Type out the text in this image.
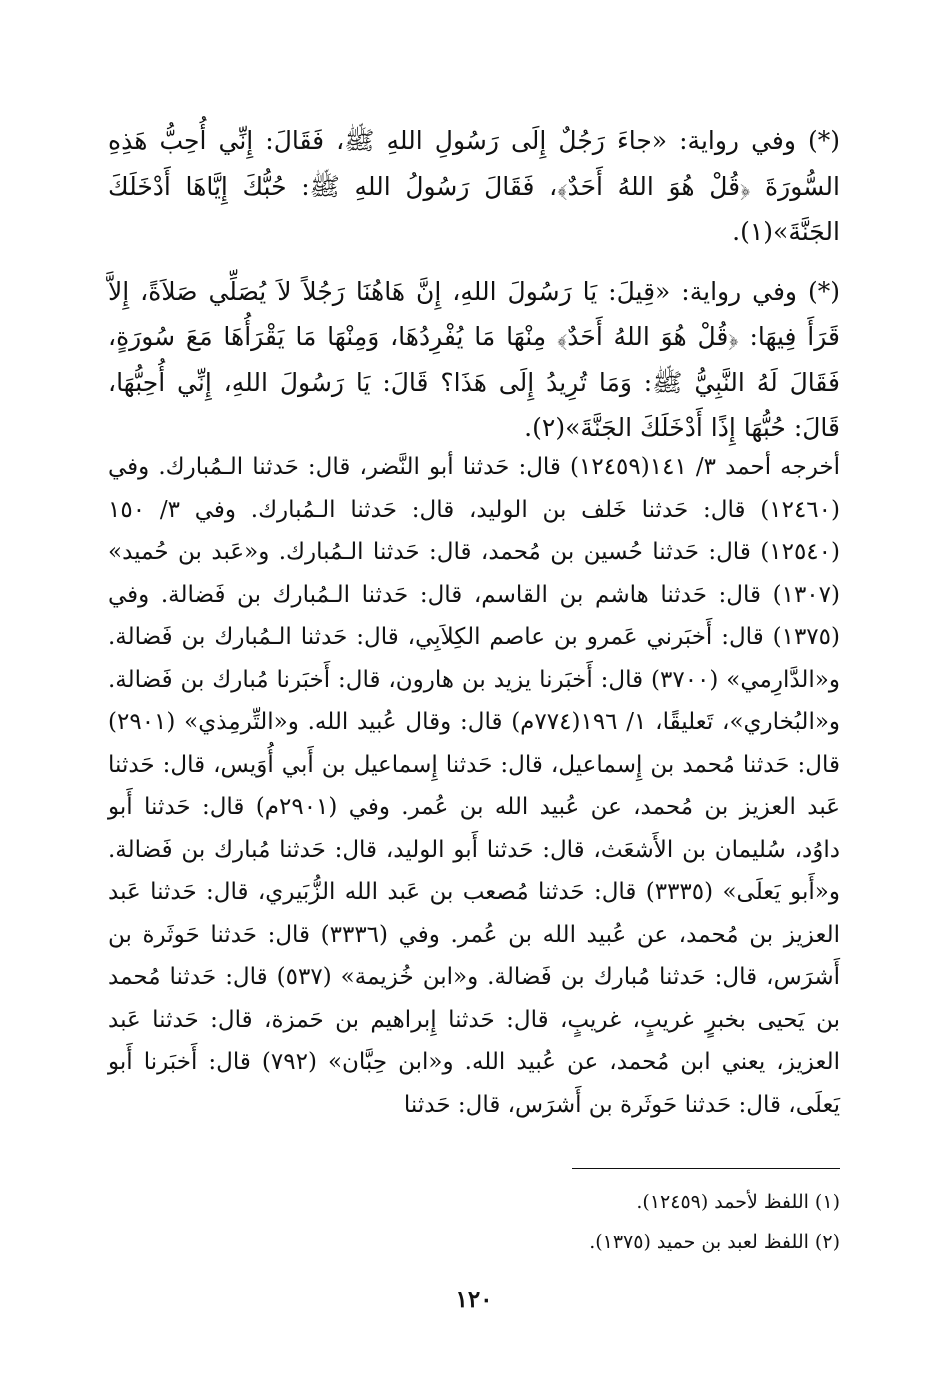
(*) وفي رواية: «جاءَ رَجُلٌ إِلَى رَسُولِ اللهِ ﷺ، فَقَالَ: إِنِّي أُحِبُّ هَذِهِ السُّورَةَ ﴿قُلْ هُوَ اللهُ أَحَدٌ﴾، فَقَالَ رَسُولُ اللهِ ﷺ: حُبُّكَ إِيَّاهَا أَدْخَلَكَ الجَنَّةَ»(١).

(*) وفي رواية: «قِيلَ: يَا رَسُولَ اللهِ، إِنَّ هَاهُنَا رَجُلاً لاَ يُصَلِّي صَلاَةً، إِلاَّ قَرَأَ فِيهَا: ﴿قُلْ هُوَ اللهُ أَحَدٌ﴾ مِنْهَا مَا يُفْرِدُهَا، وَمِنْهَا مَا يَقْرَأُهَا مَعَ سُورَةٍ، فَقَالَ لَهُ النَّبِيُّ ﷺ: وَمَا تُرِيدُ إِلَى هَذَا؟ قَالَ: يَا رَسُولَ اللهِ، إِنِّي أُحِبُّهَا، قَالَ: حُبُّهَا إِذًا أَدْخَلَكَ الجَنَّةَ»(٢).

أخرجه أحمد ٣/ ١٤١(١٢٤٥٩) قال: حَدثنا أبو النَّضر، قال: حَدثنا الـمُبارك. وفي (١٢٤٦٠) قال: حَدثنا خَلف بن الوليد، قال: حَدثنا الـمُبارك. وفي ٣/ ١٥٠ (١٢٥٤٠) قال: حَدثنا حُسين بن مُحمد، قال: حَدثنا الـمُبارك. و«عَبد بن حُميد» (١٣٠٧) قال: حَدثنا هاشم بن القاسم، قال: حَدثنا الـمُبارك بن فَضالة. وفي (١٣٧٥) قال: أَخبَرني عَمرو بن عاصم الكِلاَبِي، قال: حَدثنا الـمُبارك بن فَضالة. و«الدَّارِمي» (٣٧٠٠) قال: أَخبَرنا يزيد بن هارون، قال: أَخبَرنا مُبارك بن فَضالة. و«البُخاري»، تَعليقًا، ١/ ١٩٦(٧٧٤م) قال: وقال عُبيد الله. و«التِّرمِذي» (٢٩٠١) قال: حَدثنا مُحمد بن إِسماعيل، قال: حَدثنا إِسماعيل بن أَبي أُوَيس، قال: حَدثنا عَبد العزيز بن مُحمد، عن عُبيد الله بن عُمر. وفي (٢٩٠١م) قال: حَدثنا أَبو داوُد، سُليمان بن الأَشعَث، قال: حَدثنا أَبو الوليد، قال: حَدثنا مُبارك بن فَضالة. و«أَبو يَعلَى» (٣٣٣٥) قال: حَدثنا مُصعب بن عَبد الله الزُّبَيري، قال: حَدثنا عَبد العزيز بن مُحمد، عن عُبيد الله بن عُمر. وفي (٣٣٣٦) قال: حَدثنا حَوثَرة بن أَشرَس، قال: حَدثنا مُبارك بن فَضالة. و«ابن خُزيمة» (٥٣٧) قال: حَدثنا مُحمد بن يَحيى بخبرٍ غريبٍ، غريبٍ، قال: حَدثنا إِبراهيم بن حَمزة، قال: حَدثنا عَبد العزيز، يعني ابن مُحمد، عن عُبيد الله. و«ابن حِبَّان» (٧٩٢) قال: أَخبَرنا أَبو يَعلَى، قال: حَدثنا حَوثَرة بن أَشرَس، قال: حَدثنا

(١) اللفظ لأحمد (١٢٤٥٩).
(٢) اللفظ لعبد بن حميد (١٣٧٥).
١٢٠
